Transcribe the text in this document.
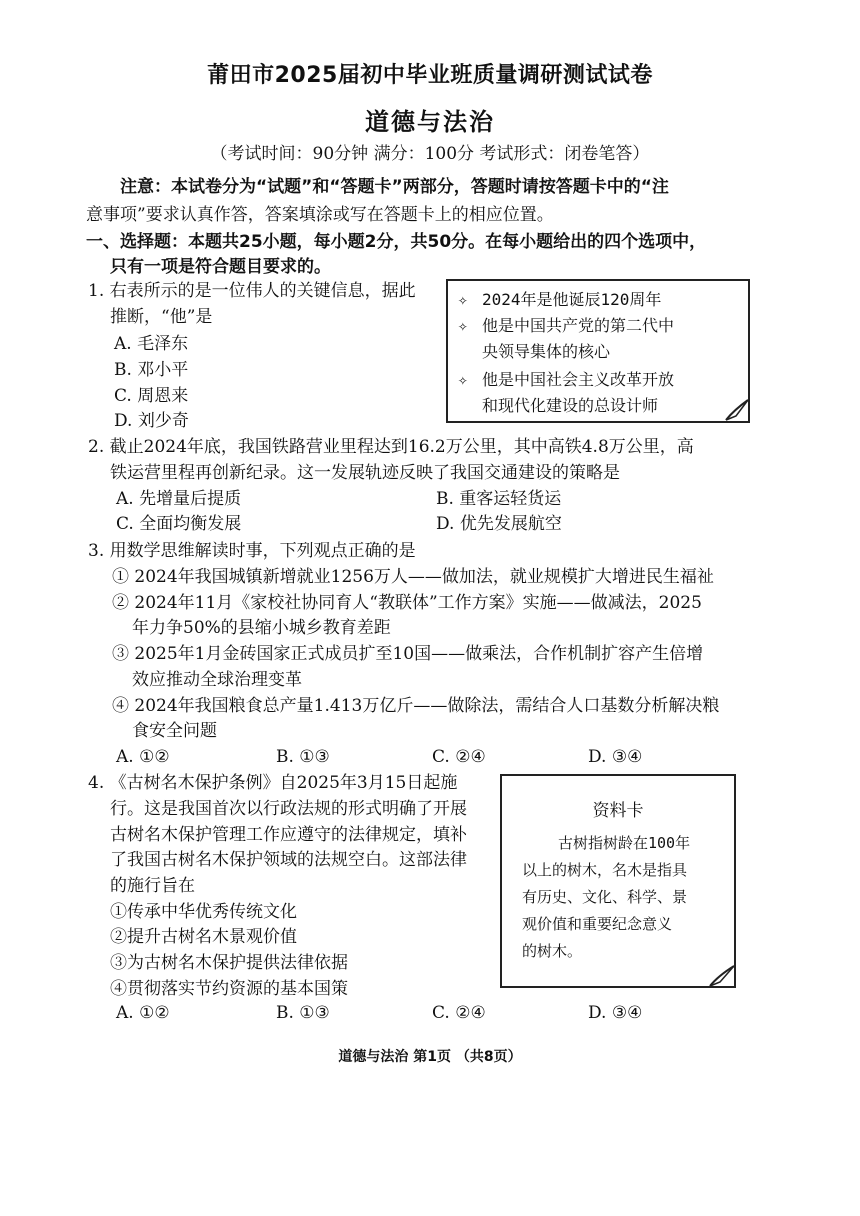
莆田市2025届初中毕业班质量调研测试试卷
道德与法治
（考试时间：90分钟 满分：100分 考试形式：闭卷笔答）
注意：本试卷分为“试题”和“答题卡”两部分，答题时请按答题卡中的“注
意事项”要求认真作答，答案填涂或写在答题卡上的相应位置。
一、选择题：本题共25小题，每小题2分，共50分。在每小题给出的四个选项中，
只有一项是符合题目要求的。
1. 右表所示的是一位伟人的关键信息，据此
推断，“他”是
A. 毛泽东
B. 邓小平
C. 周恩来
D. 刘少奇
✧ 2024年是他诞辰120周年
✧ 他是中国共产党的第二代中
央领导集体的核心
✧ 他是中国社会主义改革开放
和现代化建设的总设计师
2. 截止2024年底，我国铁路营业里程达到16.2万公里，其中高铁4.8万公里，高
铁运营里程再创新纪录。这一发展轨迹反映了我国交通建设的策略是
A. 先增量后提质	B. 重客运轻货运
C. 全面均衡发展	D. 优先发展航空
3. 用数学思维解读时事，下列观点正确的是
① 2024年我国城镇新增就业1256万人——做加法，就业规模扩大增进民生福祉
② 2024年11月《家校社协同育人“教联体”工作方案》实施——做减法，2025
年力争50%的县缩小城乡教育差距
③ 2025年1月金砖国家正式成员扩至10国——做乘法，合作机制扩容产生倍增
效应推动全球治理变革
④ 2024年我国粮食总产量1.413万亿斤——做除法，需结合人口基数分析解决粮
食安全问题
A. ①②	B. ①③	C. ②④	D. ③④
4. 《古树名木保护条例》自2025年3月15日起施
行。这是我国首次以行政法规的形式明确了开展
古树名木保护管理工作应遵守的法律规定，填补
了我国古树名木保护领域的法规空白。这部法律
的施行旨在
①传承中华优秀传统文化
②提升古树名木景观价值
③为古树名木保护提供法律依据
④贯彻落实节约资源的基本国策
A. ①②	B. ①③	C. ②④	D. ③④
资料卡
古树指树龄在100年
以上的树木，名木是指具
有历史、文化、科学、景
观价值和重要纪念意义
的树木。
道德与法治 第1页 （共8页）
